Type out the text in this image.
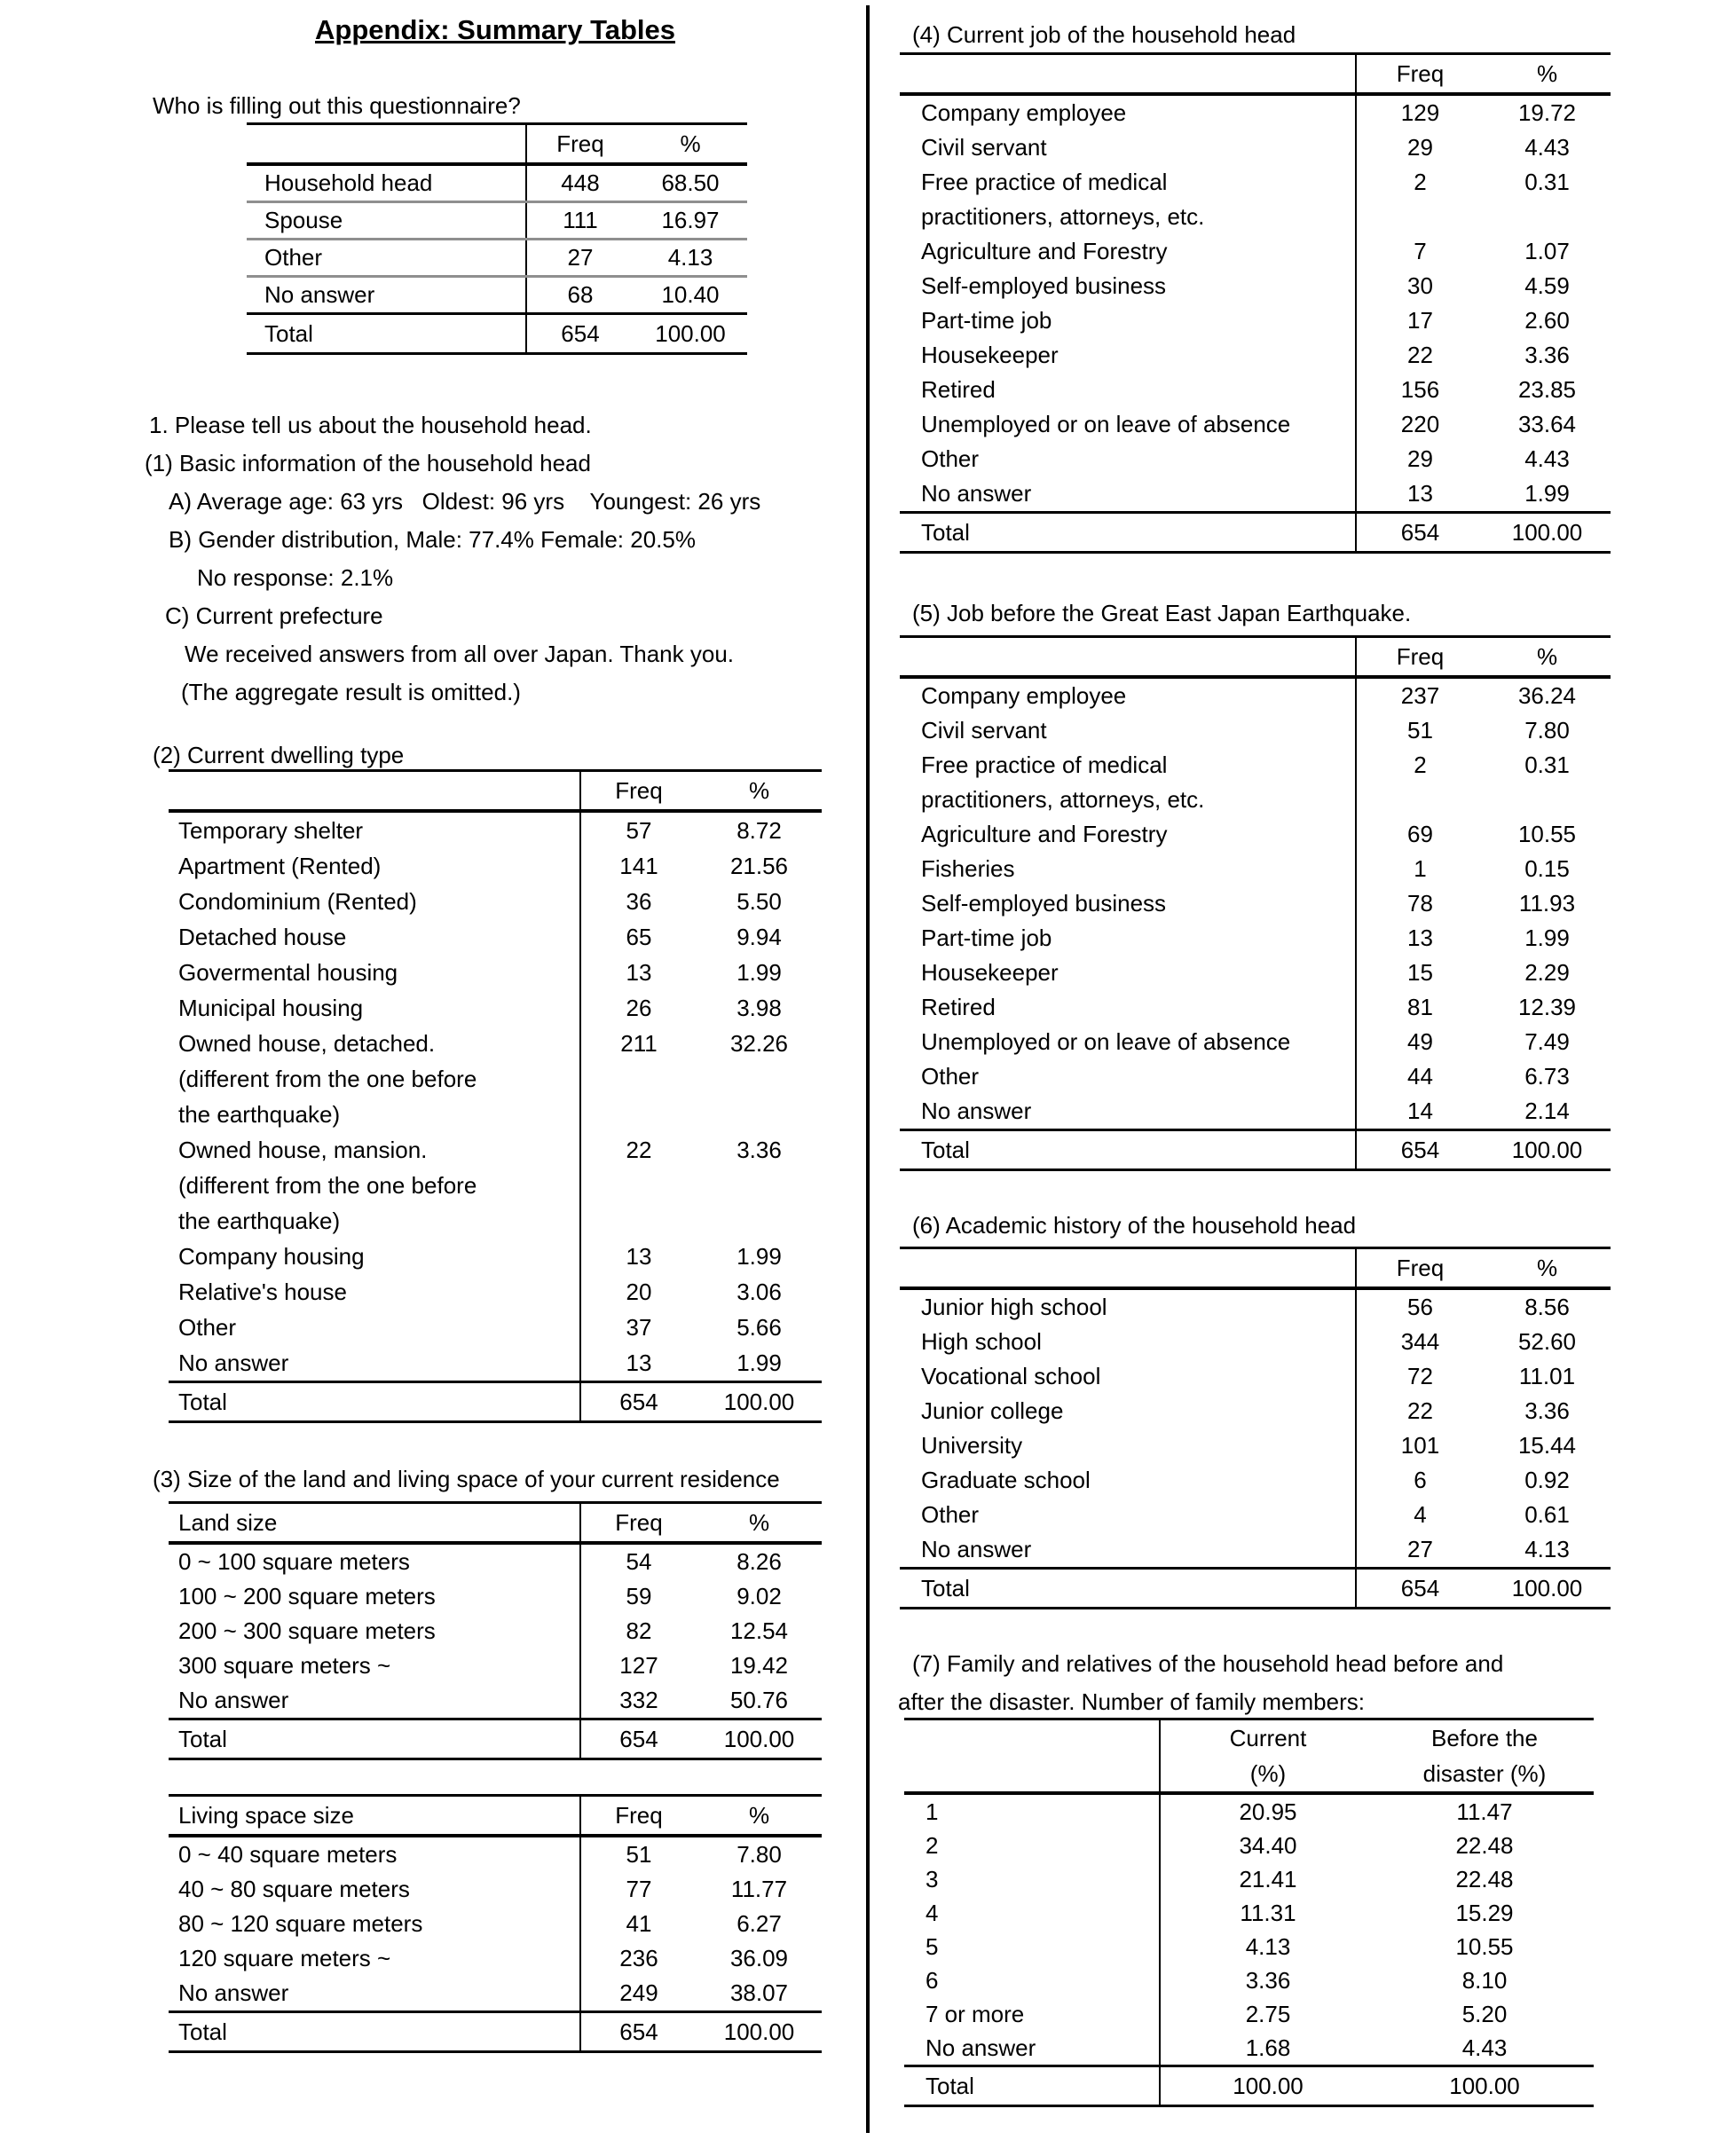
Appendix: Summary Tables
Who is filling out this questionnaire?
Freq	%
Household head	448	68.50
Spouse	111	16.97
Other	27	4.13
No answer	68	10.40
Total	654	100.00
1. Please tell us about the household head.
(1) Basic information of the household head
A) Average age: 63 yrs   Oldest: 96 yrs    Youngest: 26 yrs
B) Gender distribution, Male: 77.4% Female: 20.5%
No response: 2.1%
C) Current prefecture
We received answers from all over Japan. Thank you.
(The aggregate result is omitted.)
(2) Current dwelling type
Freq	%
Temporary shelter	57	8.72
Apartment (Rented)	141	21.56
Condominium (Rented)	36	5.50
Detached house	65	9.94
Govermental housing	13	1.99
Municipal housing	26	3.98
Owned house, detached.
(different from the one before
the earthquake)
211	32.26
Owned house, mansion.
(different from the one before
the earthquake)
22	3.36
Company housing	13	1.99
Relative's house	20	3.06
Other	37	5.66
No answer	13	1.99
Total	654	100.00
(3) Size of the land and living space of your current residence
Land size	Freq	%
0 ~ 100 square meters	54	8.26
100 ~ 200 square meters	59	9.02
200 ~ 300 square meters	82	12.54
300 square meters ~	127	19.42
No answer	332	50.76
Total	654	100.00
Living space size	Freq	%
0 ~ 40 square meters	51	7.80
40 ~ 80 square meters	77	11.77
80 ~ 120 square meters	41	6.27
120 square meters ~	236	36.09
No answer	249	38.07
Total	654	100.00
(4) Current job of the household head
Freq	%
Company employee	129	19.72
Civil servant	29	4.43
Free practice of medical
practitioners, attorneys, etc.
2	0.31
Agriculture and Forestry	7	1.07
Self-employed business	30	4.59
Part-time job	17	2.60
Housekeeper	22	3.36
Retired	156	23.85
Unemployed or on leave of absence	220	33.64
Other	29	4.43
No answer	13	1.99
Total	654	100.00
(5) Job before the Great East Japan Earthquake.
Freq	%
Company employee	237	36.24
Civil servant	51	7.80
Free practice of medical
practitioners, attorneys, etc.
2	0.31
Agriculture and Forestry	69	10.55
Fisheries	1	0.15
Self-employed business	78	11.93
Part-time job	13	1.99
Housekeeper	15	2.29
Retired	81	12.39
Unemployed or on leave of absence	49	7.49
Other	44	6.73
No answer	14	2.14
Total	654	100.00
(6) Academic history of the household head
Freq	%
Junior high school	56	8.56
High school	344	52.60
Vocational school	72	11.01
Junior college	22	3.36
University	101	15.44
Graduate school	6	0.92
Other	4	0.61
No answer	27	4.13
Total	654	100.00
(7) Family and relatives of the household head before and
after the disaster. Number of family members:
Current
(%)
Before the
disaster (%)
1	20.95	11.47
2	34.40	22.48
3	21.41	22.48
4	11.31	15.29
5	4.13	10.55
6	3.36	8.10
7 or more	2.75	5.20
No answer	1.68	4.43
Total	100.00	100.00
